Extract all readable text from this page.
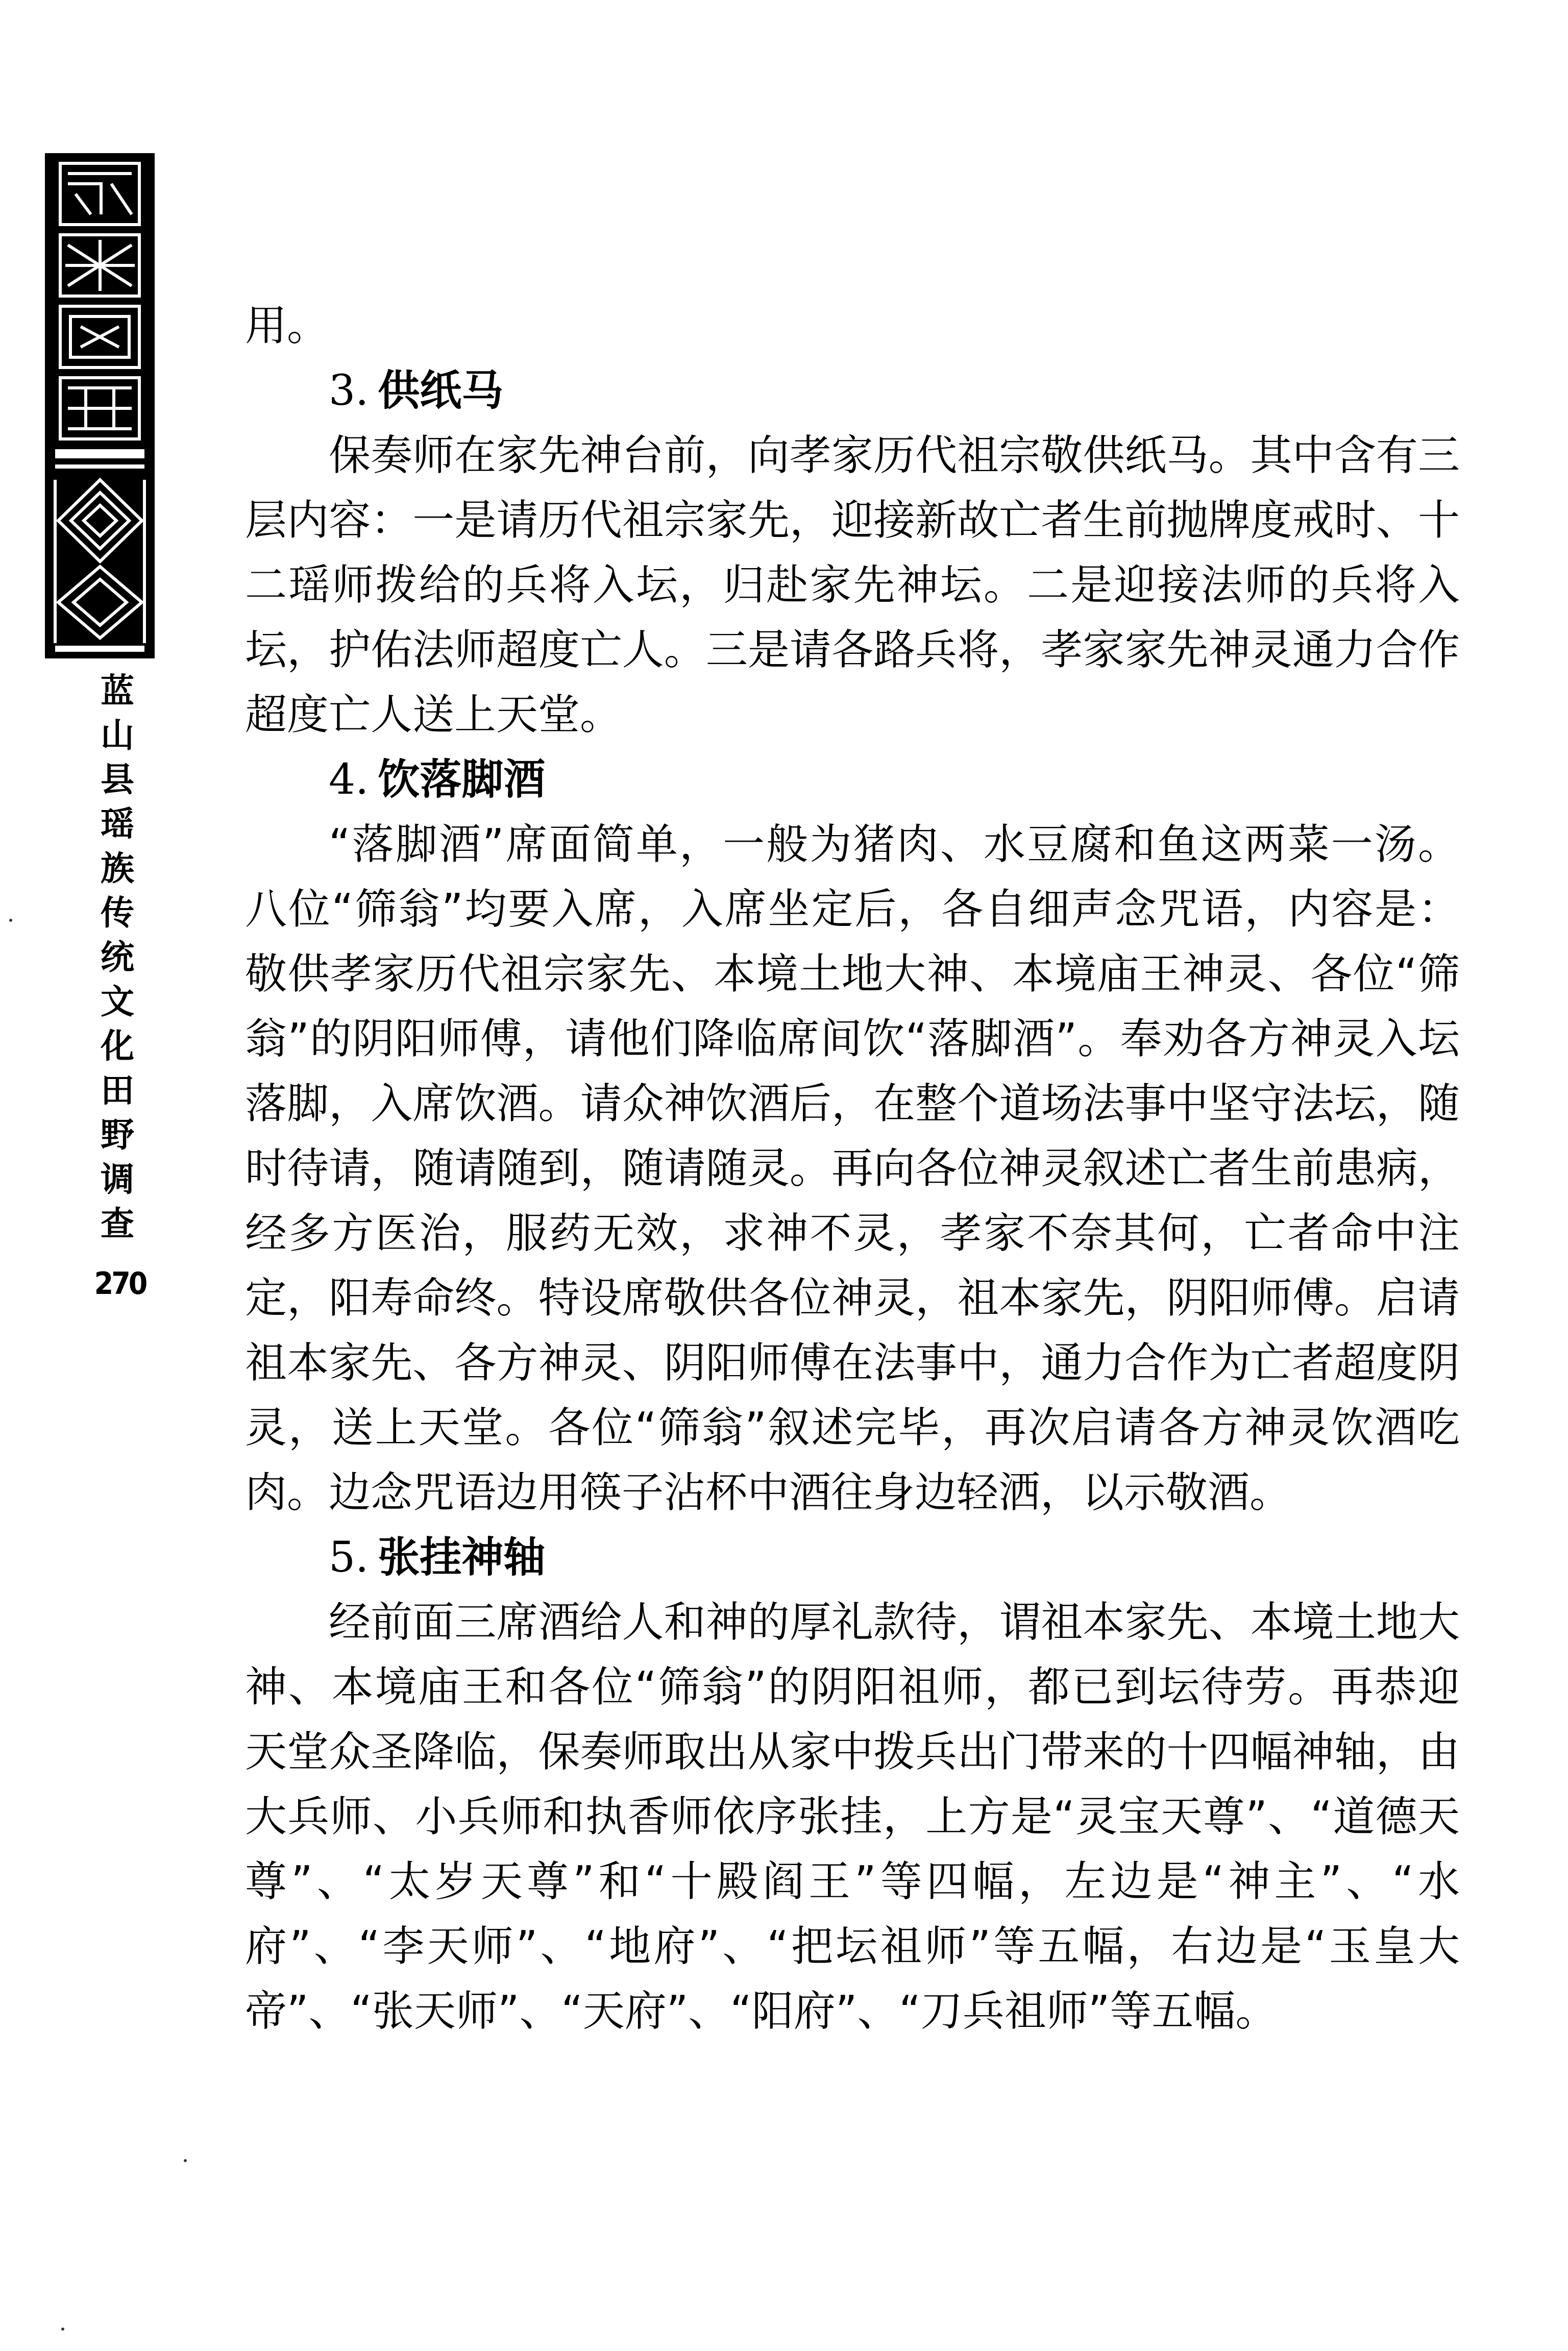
蓝山县瑶族传统文化田野调查
270

用。

3. 供纸马

保奏师在家先神台前，向孝家历代祖宗敬供纸马。其中含有三层内容：一是请历代祖宗家先，迎接新故亡者生前抛牌度戒时、十二瑶师拨给的兵将入坛，归赴家先神坛。二是迎接法师的兵将入坛，护佑法师超度亡人。三是请各路兵将，孝家家先神灵通力合作超度亡人送上天堂。

4. 饮落脚酒

“落脚酒”席面简单，一般为猪肉、水豆腐和鱼这两菜一汤。八位“筛翁”均要入席，入席坐定后，各自细声念咒语，内容是：敬供孝家历代祖宗家先、本境土地大神、本境庙王神灵、各位“筛翁”的阴阳师傅，请他们降临席间饮“落脚酒”。奉劝各方神灵入坛落脚，入席饮酒。请众神饮酒后，在整个道场法事中坚守法坛，随时待请，随请随到，随请随灵。再向各位神灵叙述亡者生前患病，经多方医治，服药无效，求神不灵，孝家不奈其何，亡者命中注定，阳寿命终。特设席敬供各位神灵，祖本家先，阴阳师傅。启请祖本家先、各方神灵、阴阳师傅在法事中，通力合作为亡者超度阴灵，送上天堂。各位“筛翁”叙述完毕，再次启请各方神灵饮酒吃肉。边念咒语边用筷子沾杯中酒往身边轻洒，以示敬酒。

5. 张挂神轴

经前面三席酒给人和神的厚礼款待，谓祖本家先、本境土地大神、本境庙王和各位“筛翁”的阴阳祖师，都已到坛待劳。再恭迎天堂众圣降临，保奏师取出从家中拨兵出门带来的十四幅神轴，由大兵师、小兵师和执香师依序张挂，上方是“灵宝天尊”、“道德天尊”、“太岁天尊”和“十殿阎王”等四幅，左边是“神主”、“水府”、“李天师”、“地府”、“把坛祖师”等五幅，右边是“玉皇大帝”、“张天师”、“天府”、“阳府”、“刀兵祖师”等五幅。
